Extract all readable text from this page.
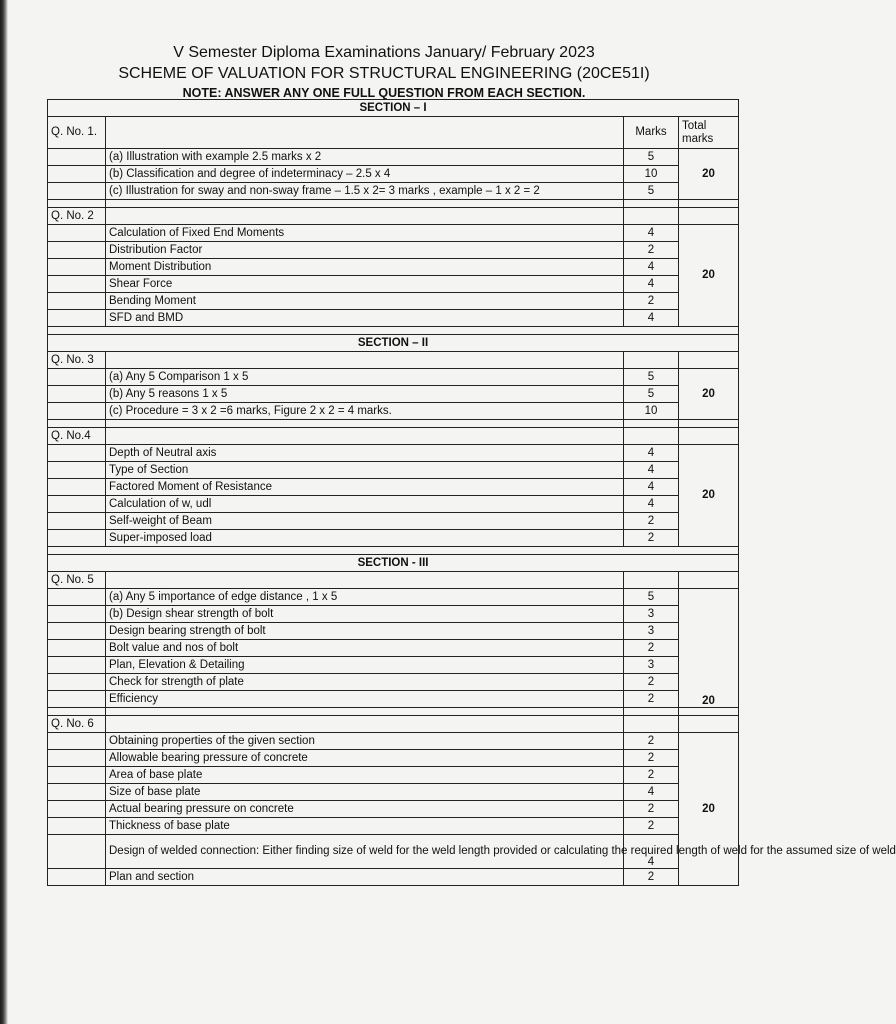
V Semester Diploma Examinations January/ February 2023
SCHEME OF VALUATION FOR STRUCTURAL ENGINEERING (20CE51I)
NOTE: ANSWER ANY ONE FULL QUESTION FROM EACH SECTION.
SECTION – I			
Q. No. 1.		Marks	Total
marks
	(a) Illustration with example 2.5 marks x 2	5	20
	(b) Classification and degree of indeterminacy – 2.5 x 4	10	
	(c) Illustration for sway and non-sway frame – 1.5 x 2= 3 marks , example – 1 x 2 = 2	5	

Q. No. 2			
	Calculation of Fixed End Moments	4	20
	Distribution Factor	2	
	Moment Distribution	4	
	Shear Force	4	
	Bending Moment	2	
	SFD and BMD	4	

SECTION – II			
Q. No. 3			
	(a) Any 5 Comparison 1 x 5	5	20
	(b) Any 5 reasons 1 x 5	5	
	(c) Procedure = 3 x 2 =6 marks, Figure 2 x 2 = 4 marks.	10	

Q. No.4			
	Depth of Neutral axis	4	20
	Type of Section	4	
	Factored Moment of Resistance	4	
	Calculation of w, udl	4	
	Self-weight of Beam	2	
	Super-imposed load	2	

SECTION - III			
Q. No. 5			
	(a) Any 5 importance of edge distance , 1 x 5	5	20
	(b) Design shear strength of bolt	3	
	Design bearing strength of bolt	3	
	Bolt value and nos of bolt	2	
	Plan, Elevation & Detailing	3	
	Check for strength of plate	2	
	Efficiency	2	

Q. No. 6			
	Obtaining properties of the given section	2	20
	Allowable bearing pressure of concrete	2	
	Area of base plate	2	
	Size of base plate	4	
	Actual bearing pressure on concrete	2	
	Thickness of base plate	2	
	Design of welded connection: Either finding size of weld for the weld length provided or calculating the required length of weld for the assumed size of weld	4	
	Plan and section	2	
